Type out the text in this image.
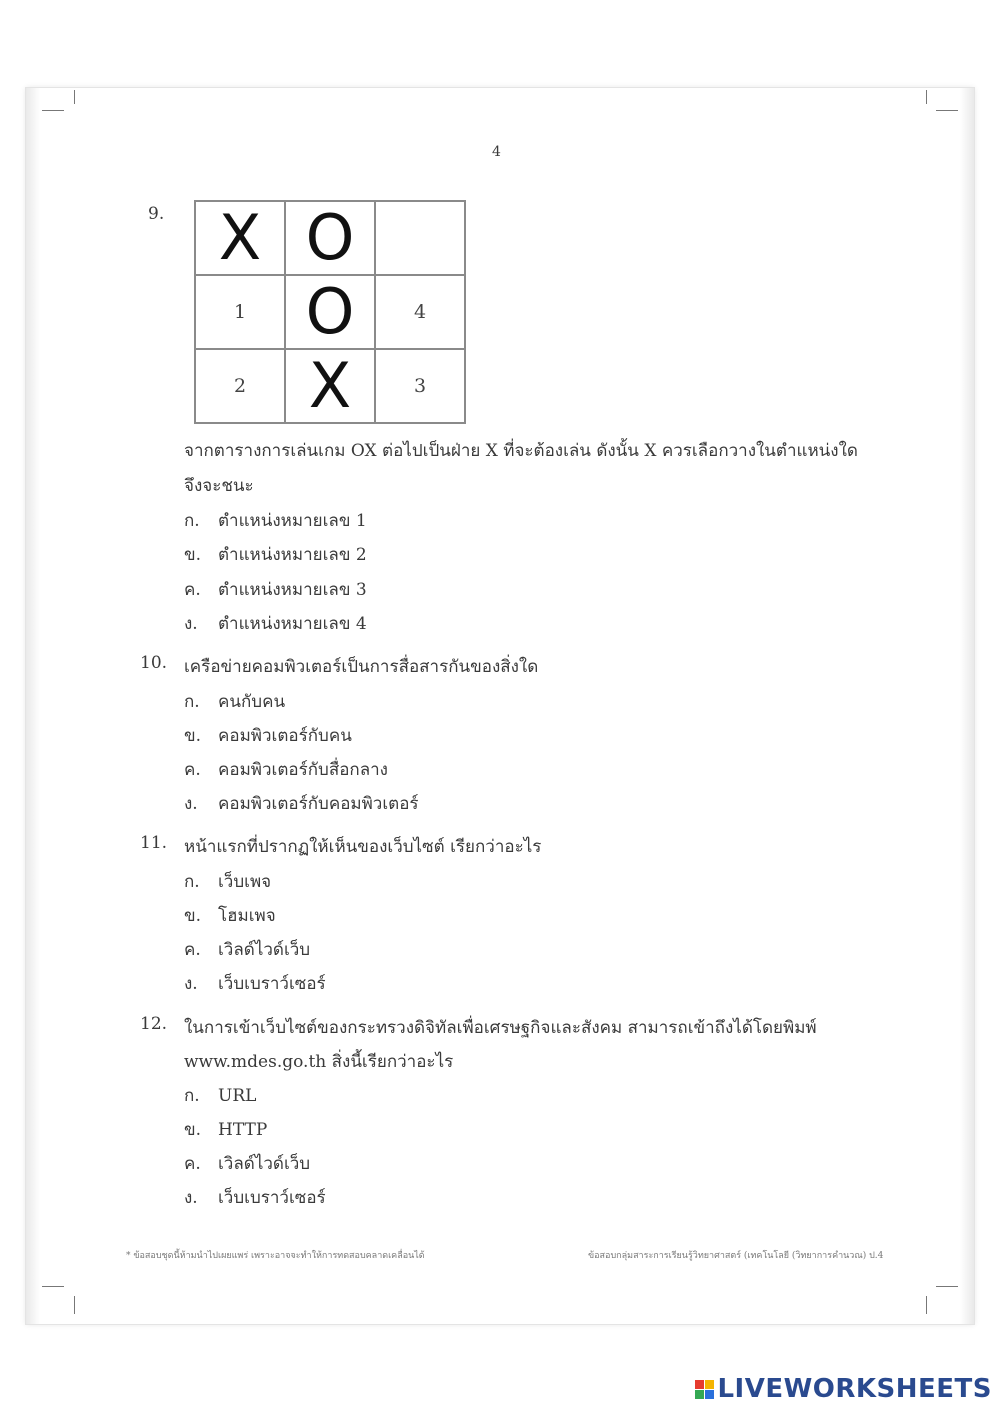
4
9. X	O	
1	O	4
2	X	3
จากตารางการเล่นเกม OX ต่อไปเป็นฝ่าย X ที่จะต้องเล่น ดังนั้น X ควรเลือกวางในตำแหน่งใด
จึงจะชนะ
ก. ตำแหน่งหมายเลข 1
ข. ตำแหน่งหมายเลข 2
ค. ตำแหน่งหมายเลข 3
ง. ตำแหน่งหมายเลข 4
10. เครือข่ายคอมพิวเตอร์เป็นการสื่อสารกันของสิ่งใด
ก. คนกับคน
ข. คอมพิวเตอร์กับคน
ค. คอมพิวเตอร์กับสื่อกลาง
ง. คอมพิวเตอร์กับคอมพิวเตอร์
11. หน้าแรกที่ปรากฏให้เห็นของเว็บไซต์ เรียกว่าอะไร
ก. เว็บเพจ
ข. โฮมเพจ
ค. เวิลด์ไวด์เว็บ
ง. เว็บเบราว์เซอร์
12. ในการเข้าเว็บไซต์ของกระทรวงดิจิทัลเพื่อเศรษฐกิจและสังคม สามารถเข้าถึงได้โดยพิมพ์
www.mdes.go.th สิ่งนี้เรียกว่าอะไร
ก. URL
ข. HTTP
ค. เวิลด์ไวด์เว็บ
ง. เว็บเบราว์เซอร์
* ข้อสอบชุดนี้ห้ามนำไปเผยแพร่ เพราะอาจจะทำให้การทดสอบคลาดเคลื่อนได้	ข้อสอบกลุ่มสาระการเรียนรู้วิทยาศาสตร์ (เทคโนโลยี (วิทยาการคำนวณ) ป.4
LIVEWORKSHEETS
